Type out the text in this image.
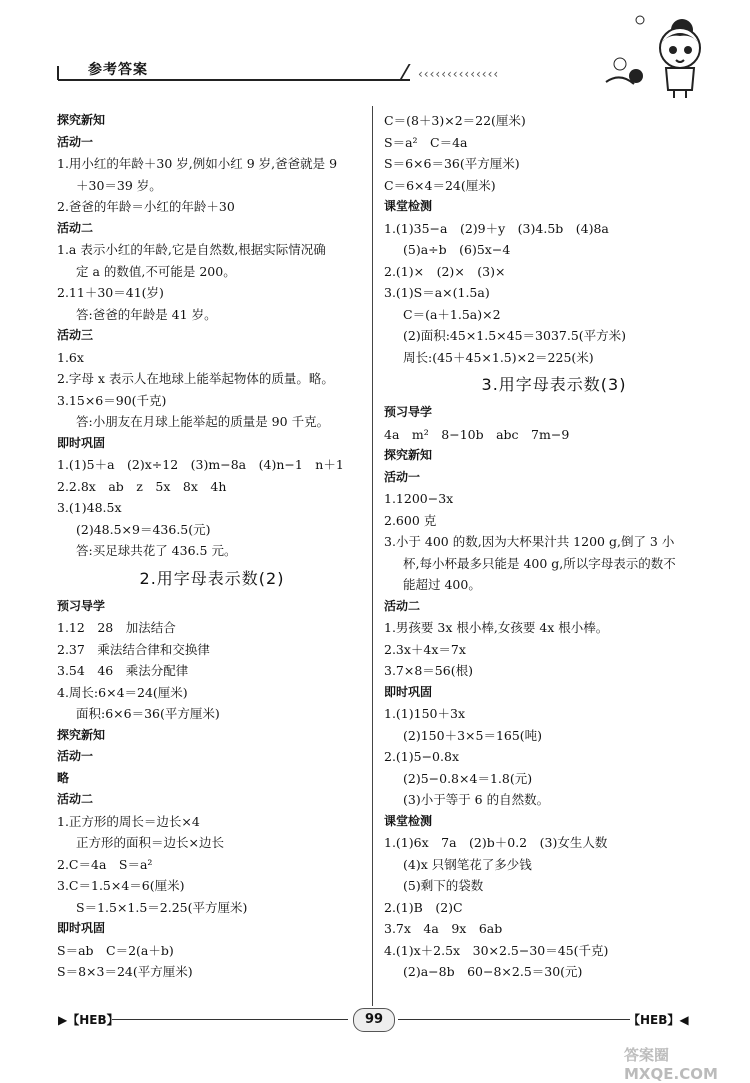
参考答案	‹‹‹‹‹‹‹‹‹‹‹‹‹‹
探究新知
活动一
1.用小红的年龄＋30 岁,例如小红 9 岁,爸爸就是 9
＋30＝39 岁。
2.爸爸的年龄＝小红的年龄＋30
活动二
1.a 表示小红的年龄,它是自然数,根据实际情况确
定 a 的数值,不可能是 200。
2.11＋30＝41(岁)
答:爸爸的年龄是 41 岁。
活动三
1.6x
2.字母 x 表示人在地球上能举起物体的质量。略。
3.15×6＝90(千克)
答:小朋友在月球上能举起的质量是 90 千克。
即时巩固
1.(1)5＋a　(2)x÷12　(3)m−8a　(4)n−1　n＋1
2.2.8x　ab　z　5x　8x　4h
3.(1)48.5x
(2)48.5×9＝436.5(元)
答:买足球共花了 436.5 元。
2.用字母表示数(2)
预习导学
1.12　28　加法结合
2.37　乘法结合律和交换律
3.54　46　乘法分配律
4.周长:6×4＝24(厘米)
面积:6×6＝36(平方厘米)
探究新知
活动一
略
活动二
1.正方形的周长＝边长×4
正方形的面积＝边长×边长
2.C＝4a　S＝a²
3.C＝1.5×4＝6(厘米)
S＝1.5×1.5＝2.25(平方厘米)
即时巩固
S＝ab　C＝2(a＋b)
S＝8×3＝24(平方厘米)
C＝(8＋3)×2＝22(厘米)
S＝a²　C＝4a
S＝6×6＝36(平方厘米)
C＝6×4＝24(厘米)
课堂检测
1.(1)35−a　(2)9＋y　(3)4.5b　(4)8a
(5)a÷b　(6)5x−4
2.(1)×　(2)×　(3)×
3.(1)S＝a×(1.5a)
C＝(a＋1.5a)×2
(2)面积:45×1.5×45＝3037.5(平方米)
周长:(45＋45×1.5)×2＝225(米)
3.用字母表示数(3)
预习导学
4a　m²　8−10b　abc　7m−9
探究新知
活动一
1.1200−3x
2.600 克
3.小于 400 的数,因为大杯果汁共 1200 g,倒了 3 小
杯,每小杯最多只能是 400 g,所以字母表示的数不
能超过 400。
活动二
1.男孩要 3x 根小棒,女孩要 4x 根小棒。
2.3x＋4x＝7x
3.7×8＝56(根)
即时巩固
1.(1)150＋3x
(2)150＋3×5＝165(吨)
2.(1)5−0.8x
(2)5−0.8×4＝1.8(元)
(3)小于等于 6 的自然数。
课堂检测
1.(1)6x　7a　(2)b＋0.2　(3)女生人数
(4)x 只钢笔花了多少钱
(5)剩下的袋数
2.(1)B　(2)C
3.7x　4a　9x　6ab
4.(1)x＋2.5x　30×2.5−30＝45(千克)
(2)a−8b　60−8×2.5＝30(元)
▶【HEB】	99	【HEB】◀
答案圈 MXQE.COM
